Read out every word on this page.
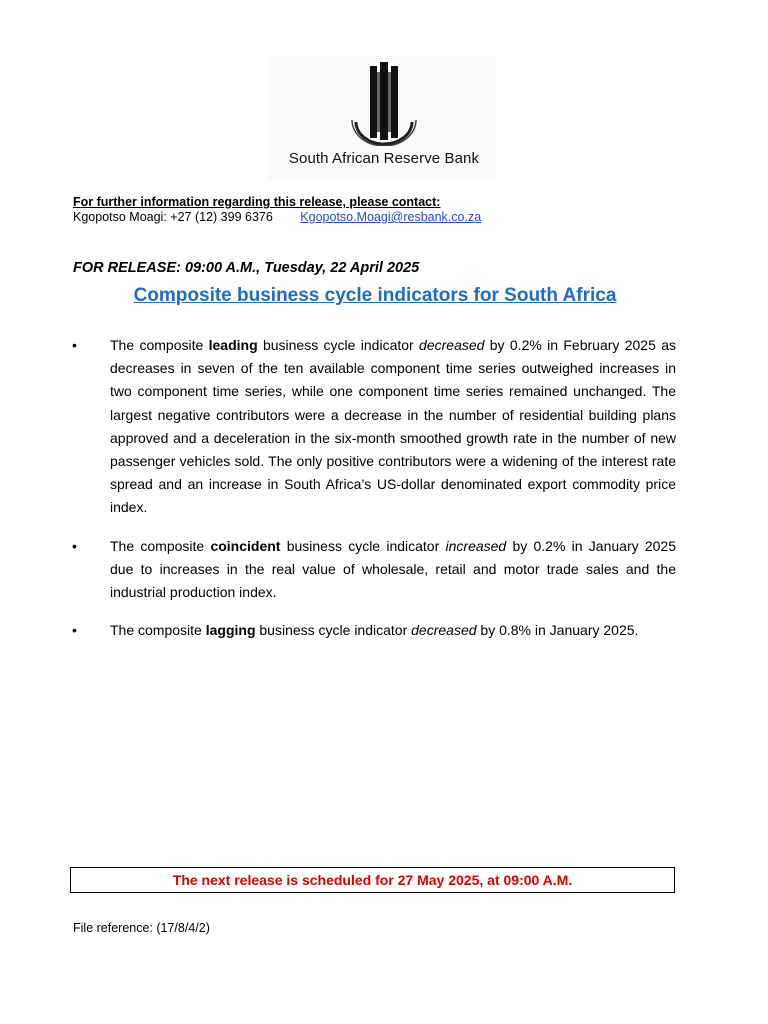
South African Reserve Bank
For further information regarding this release, please contact:
Kgopotso Moagi: +27 (12) 399 6376 Kgopotso.Moagi@resbank.co.za
FOR RELEASE: 09:00 A.M., Tuesday, 22 April 2025
Composite business cycle indicators for South Africa
• The composite leading business cycle indicator decreased by 0.2% in February 2025 as decreases in seven of the ten available component time series outweighed increases in two component time series, while one component time series remained unchanged. The largest negative contributors were a decrease in the number of residential building plans approved and a deceleration in the six-month smoothed growth rate in the number of new passenger vehicles sold. The only positive contributors were a widening of the interest rate spread and an increase in South Africa’s US-dollar denominated export commodity price index.
• The composite coincident business cycle indicator increased by 0.2% in January 2025 due to increases in the real value of wholesale, retail and motor trade sales and the industrial production index.
• The composite lagging business cycle indicator decreased by 0.8% in January 2025.
The next release is scheduled for 27 May 2025, at 09:00 A.M.
File reference: (17/8/4/2)
